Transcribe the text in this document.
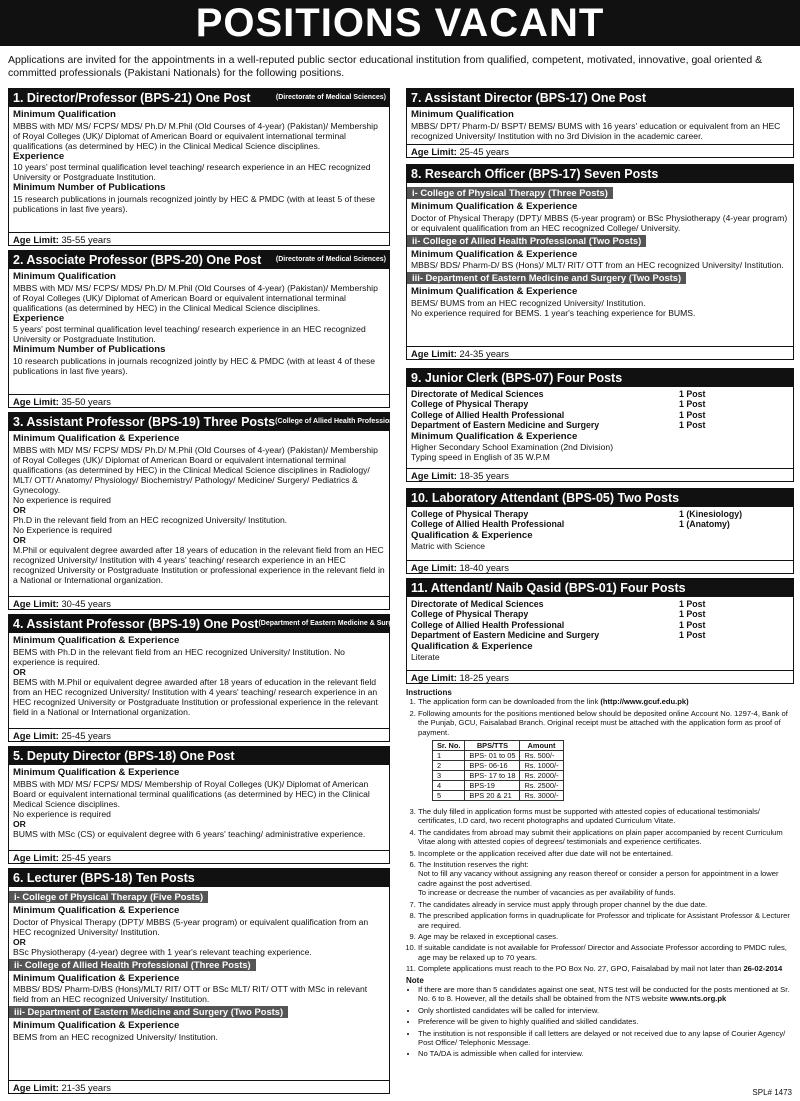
POSITIONS VACANT
Applications are invited for the appointments in a well-reputed public sector educational institution from qualified, competent, motivated, innovative, goal oriented & committed professionals (Pakistani Nationals) for the following positions.
1. Director/Professor (BPS-21) One Post	(Directorate of Medical Sciences)
Minimum Qualification
MBBS with MD/ MS/ FCPS/ MDS/ Ph.D/ M.Phil (Old Courses of 4-year) (Pakistan)/ Membership of Royal Colleges (UK)/ Diplomat of American Board or equivalent international terminal qualifications (as determined by HEC) in the Clinical Medical Science disciplines.
Experience
10 years' post terminal qualification level teaching/ research experience in an HEC recognized University or Postgraduate Institution.
Minimum Number of Publications
15 research publications in journals recognized jointly by HEC & PMDC (with at least 5 of these publications in last five years).
Age Limit: 35-55 years
2. Associate Professor (BPS-20) One Post (Directorate of Medical Sciences)
Minimum Qualification
MBBS with MD/ MS/ FCPS/ MDS/ Ph.D/ M.Phil (Old Courses of 4-year) (Pakistan)/ Membership of Royal Colleges (UK)/ Diplomat of American Board or equivalent international terminal qualifications (as determined by HEC) in the Clinical Medical Science disciplines.
Experience
5 years' post terminal qualification level teaching/ research experience in an HEC recognized University or Postgraduate Institution.
Minimum Number of Publications
10 research publications in journals recognized jointly by HEC & PMDC (with at least 4 of these publications in last five years).
Age Limit: 35-50 years
3. Assistant Professor (BPS-19) Three Posts (College of Allied Health Professional)
Minimum Qualification & Experience
MBBS with MD/ MS/ FCPS/ MDS/ Ph.D/ M.Phil (Old Courses of 4-year) (Pakistan)/ Membership of Royal Colleges (UK)/ Diplomat of American Board or equivalent international terminal qualifications (as determined by HEC) in the Clinical Medical Science disciplines in Radiology/ MLT/ OTT/ Anatomy/ Physiology/ Biochemistry/ Pathology/ Medicine/ Surgery/ Pediatrics & Gynecology.
No experience is required
OR
Ph.D in the relevant field from an HEC recognized University/ Institution.
No Experience is required
OR
M.Phil or equivalent degree awarded after 18 years of education in the relevant field from an HEC recognized University/ Institution with 4 years' teaching/ research experience in an HEC recognized University or Postgraduate Institution or professional experience in the relevant field in a National or International organization.
Age Limit: 30-45 years
4. Assistant Professor (BPS-19) One Post (Department of Eastern Medicine & Surgery)
Minimum Qualification & Experience
BEMS with Ph.D in the relevant field from an HEC recognized University/ Institution. No experience is required.
OR
BEMS with M.Phil or equivalent degree awarded after 18 years of education in the relevant field from an HEC recognized University/ Institution with 4 years' teaching/ research experience in an HEC recognized University or Postgraduate Institution or professional experience in the relevant field in a National or International organization.
Age Limit: 25-45 years
5. Deputy Director (BPS-18) One Post
Minimum Qualification & Experience
MBBS with MD/ MS/ FCPS/ MDS/ Membership of Royal Colleges (UK)/ Diplomat of American Board or equivalent international terminal qualifications (as determined by HEC) in the Clinical Medical Science disciplines.
No experience is required
OR
BUMS with MSc (CS) or equivalent degree with 6 years' teaching/ administrative experience.
Age Limit: 25-45 years
6. Lecturer (BPS-18) Ten Posts
i- College of Physical Therapy (Five Posts)
Minimum Qualification & Experience
Doctor of Physical Therapy (DPT)/ MBBS (5-year program) or equivalent qualification from an HEC recognized University/ Institution.
OR
BSc Physiotherapy (4-year) degree with 1 year's relevant teaching experience.
ii- College of Allied Health Professional (Three Posts)
Minimum Qualification & Experience
MBBS/ BDS/ Pharm-D/BS (Hons)/MLT/ RIT/ OTT or BSc MLT/ RIT/ OTT with MSc in relevant field from an HEC recognized University/ Institution.
iii- Department of Eastern Medicine and Surgery (Two Posts)
Minimum Qualification & Experience
BEMS from an HEC recognized University/ Institution.
Age Limit: 21-35 years
7. Assistant Director (BPS-17) One Post
Minimum Qualification
MBBS/ DPT/ Pharm-D/ BSPT/ BEMS/ BUMS with 16 years' education or equivalent from an HEC recognized University/ Institution with no 3rd Division in the academic career.
Age Limit: 25-45 years
8. Research Officer (BPS-17) Seven Posts
i- College of Physical Therapy (Three Posts)
Minimum Qualification & Experience
Doctor of Physical Therapy (DPT)/ MBBS (5-year program) or BSc Physiotherapy (4-year program) or equivalent qualification from an HEC recognized College/ University.
ii- College of Allied Health Professional (Two Posts)
Minimum Qualification & Experience
MBBS/ BDS/ Pharm-D/ BS (Hons)/ MLT/ RIT/ OTT from an HEC recognized University/ Institution.
iii- Department of Eastern Medicine and Surgery (Two Posts)
Minimum Qualification & Experience
BEMS/ BUMS from an HEC recognized University/ Institution.
No experience required for BEMS. 1 year's teaching experience for BUMS.
Age Limit: 24-35 years
9. Junior Clerk (BPS-07) Four Posts
Directorate of Medical Sciences	1 Post
College of Physical Therapy	1 Post
College of Allied Health Professional	1 Post
Department of Eastern Medicine and Surgery	1 Post
Minimum Qualification & Experience
Higher Secondary School Examination (2nd Division)
Typing speed in English of 35 W.P.M
Age Limit: 18-35 years
10. Laboratory Attendant (BPS-05) Two Posts
College of Physical Therapy	1 (Kinesiology)
College of Allied Health Professional	1 (Anatomy)
Qualification & Experience
Matric with Science
Age Limit: 18-40 years
11. Attendant/ Naib Qasid (BPS-01) Four Posts
Directorate of Medical Sciences	1 Post
College of Physical Therapy	1 Post
College of Allied Health Professional	1 Post
Department of Eastern Medicine and Surgery	1 Post
Qualification & Experience
Literate
Age Limit: 18-25 years
Instructions
1. The application form can be downloaded from the link (http://www.gcuf.edu.pk)
2. Following amounts for the positions mentioned below should be deposited online Account No. 1297-4, Bank of the Punjab, GCU, Faisalabad Branch. Original receipt must be attached with the application form as proof of payment.
Sr. No.	BPS/TTS	Amount
1	BPS- 01 to 05	Rs. 500/-
2	BPS- 06-16	Rs. 1000/-
3	BPS- 17 to 18	Rs. 2000/-
4	BPS-19	Rs. 2500/-
5	BPS 20 & 21	Rs. 3000/-
3. The duly filled in application forms must be supported with attested copies of educational testimonials/ certificates, I.D card, two recent photographs and updated Curriculum Vitate.
4. The candidates from abroad may submit their applications on plain paper accompanied by recent Curriculum Vitae along with attested copies of degrees/ testimonials and experience certificates.
5. Incomplete or the application received after due date will not be entertained.
6. The Institution reserves the right:
Not to fill any vacancy without assigning any reason thereof or consider a person for appointment in a lower cadre against the post advertised.
To increase or decrease the number of vacancies as per availability of funds.
7. The candidates already in service must apply through proper channel by the due date.
8. The prescribed application forms in quadruplicate for Professor and triplicate for Assistant Professor & Lecturer are required.
9. Age may be relaxed in exceptional cases.
10. If suitable candidate is not available for Professor/ Director and Associate Professor according to PMDC rules, age may be relaxed up to 70 years.
11. Complete applications must reach to the PO Box No. 27, GPO, Faisalabad by mail not later than 26-02-2014
Note
• If there are more than 5 candidates against one seat, NTS test will be conducted for the posts mentioned at Sr. No. 6 to 8. However, all the details shall be obtained from the NTS website www.nts.org.pk
• Only shortlisted candidates will be called for interview.
• Preference will be given to highly qualified and skilled candidates.
• The institution is not responsible if call letters are delayed or not received due to any lapse of Courier Agency/ Post Office/ Telephonic Message.
• No TA/DA is admissible when called for interview.
SPL# 1473
